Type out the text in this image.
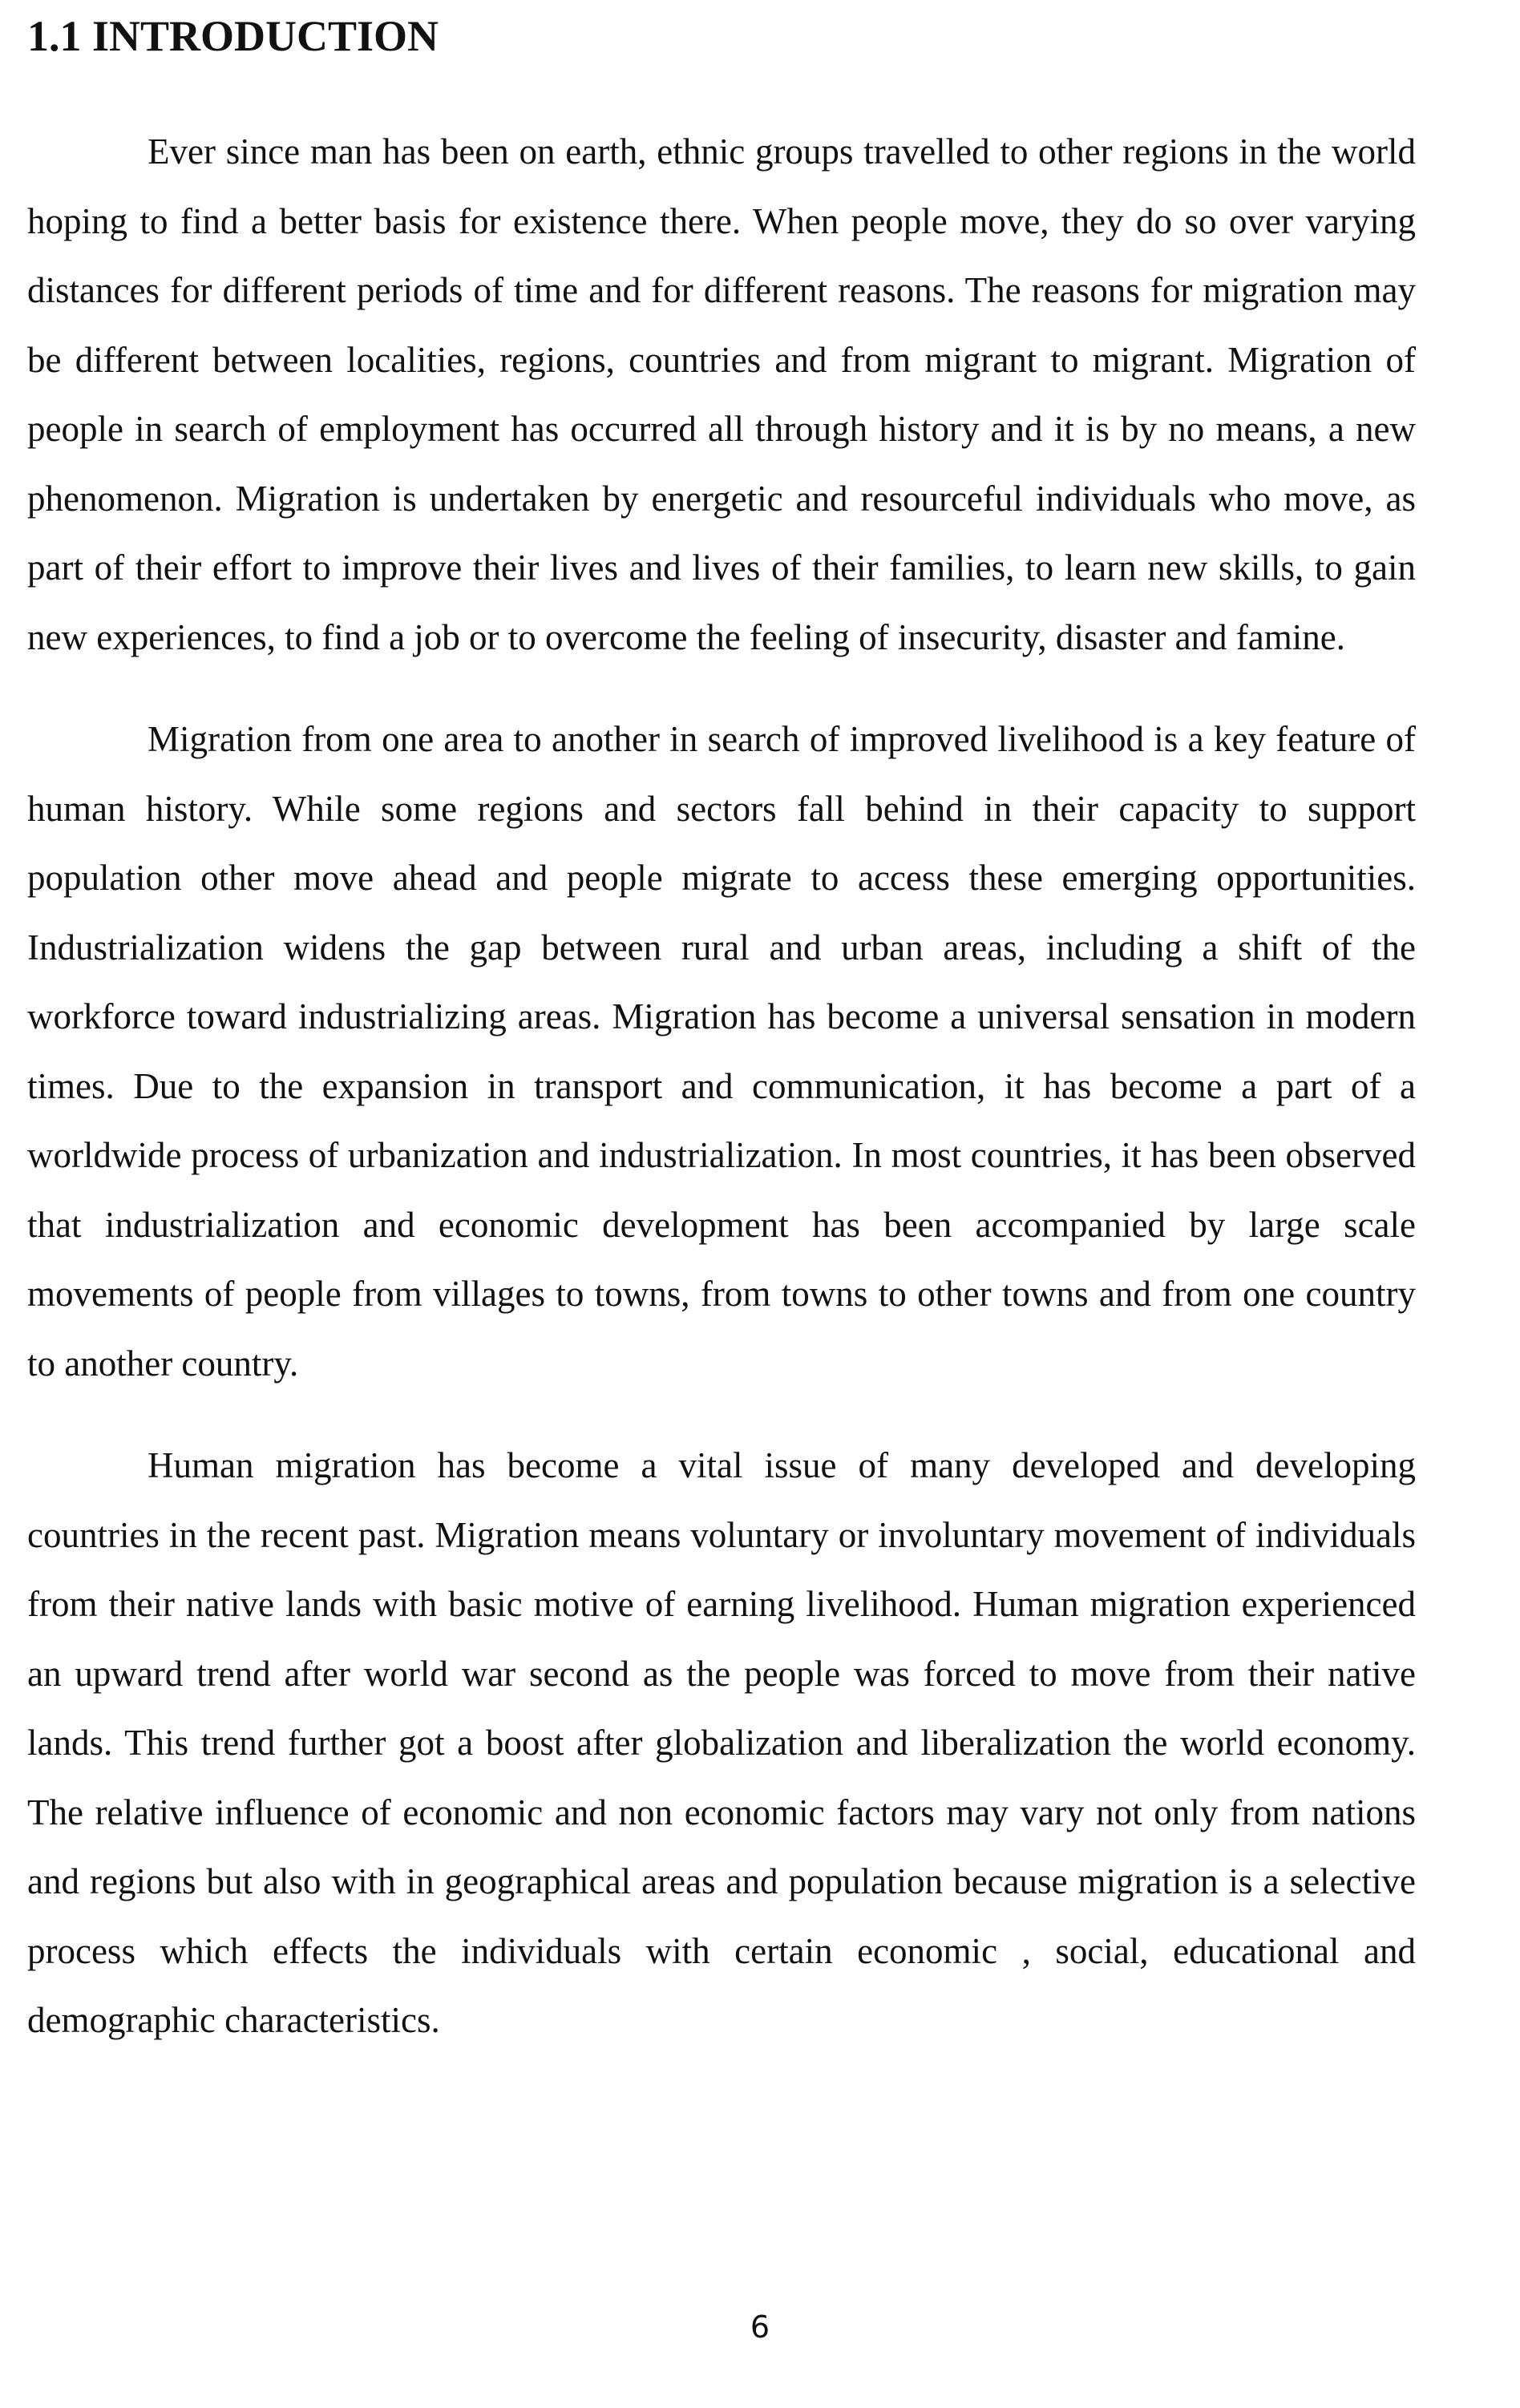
1.1 INTRODUCTION

Ever since man has been on earth, ethnic groups travelled to other regions in the world hoping to find a better basis for existence there. When people move, they do so over varying distances for different periods of time and for different reasons. The reasons for migration may be different between localities, regions, countries and from migrant to migrant. Migration of people in search of employment has occurred all through history and it is by no means, a new phenomenon. Migration is undertaken by energetic and resourceful individuals who move, as part of their effort to improve their lives and lives of their families, to learn new skills, to gain new experiences, to find a job or to overcome the feeling of insecurity, disaster and famine.

Migration from one area to another in search of improved livelihood is a key feature of human history. While some regions and sectors fall behind in their capacity to support population other move ahead and people migrate to access these emerging opportunities. Industrialization widens the gap between rural and urban areas, including a shift of the workforce toward industrializing areas. Migration has become a universal sensation in modern times. Due to the expansion in transport and communication, it has become a part of a worldwide process of urbanization and industrialization. In most countries, it has been observed that industrialization and economic development has been accompanied by large scale movements of people from villages to towns, from towns to other towns and from one country to another country.

Human migration has become a vital issue of many developed and developing countries in the recent past. Migration means voluntary or involuntary movement of individuals from their native lands with basic motive of earning livelihood. Human migration experienced an upward trend after world war second as the people was forced to move from their native lands. This trend further got a boost after globalization and liberalization the world economy. The relative influence of economic and non economic factors may vary not only from nations and regions but also with in geographical areas and population because migration is a selective process which effects the individuals with certain economic , social, educational and demographic characteristics.

6
